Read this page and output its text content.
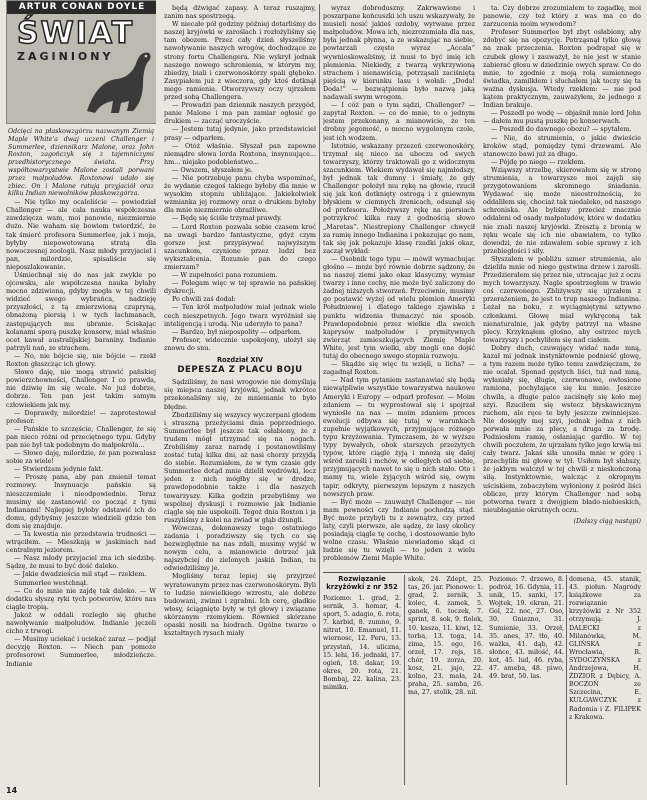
ARTUR CONAN DOYLE
ŚWIAT
ZAGINIONY
Odcięci na płaskowzgórzu nazwanym Ziemią Maple White'a dwaj uczeni Challenger i Summerlee, dziennikarz Malone, oraz John Roxton, zagończyk się z tajemniczymi przedhistorycznego świata. Przy współtowarzystwie Malone zostali porwani przez małpoludów. Roxtonowi udało się zbiec. On i Malone ratują przyjaciół oraz kilku Indian niewolników płaskowzgórza.

— Nie tylko my ocaleliście — powiedział Challenger — ale cała nauka współczesna zawdzięcza wam, moi panowie, niezmiernie dużo. Nie waham się bowiem twierdzić, że tak śmierć profesora Summerlee, jak i moja, byłyby niepowetowaną stratą dla nowoczesnej zoologii. Nasz młody przyjaciel i pan, milordzie, spisaliście się nieposzlakowanie.

Uśmiechnął się do nas jak zwykle po ojcowsku, ale współczesna nauka byłaby mocno zdziwiona, gdyby mogła w tej chwili widzieć swego wybrańca, nadzieję przyszłości, z tą zmierzwioną czupryną, obnażoną piersią i w tych łachmanach, zastępujących mu ubranie. Ściskając kolanami sporą puszkę konserw, miał właśnie ocet kawał australijskiej baraniny. Indianie patrzyli nań, ze strachem.

— No, nie bójcie się, nie bójcie — rzekł Roxton głaszcząc ich głowy.

Słowo daję, nie mogą strawić pańskiej powierzchowności, Challenger. I co prawda, nie dziwię im się wcale. No już dobrze, dobrze. Ten pan jest takim samym człowiekiem jak my.

— Doprawdy, milordzie! — zaprotestował profesor.

— Pańskie to szczęście, Challenger, że się pan nieco różni od przeciętnego typu. Gdyby pan nie był tak podobnym do małpokróla...

— Słowo daję, milordzie, że pan pozwalasz sobie za wiele!

— Stwierdzam jedynie fakt.

— Proszę pana, aby pan zmienił temat rozmowy. Insynuacje pańskie są nieszczemiałe i nieodpowiednie. Teraz musimy się zastanowić co począć z tymi Indianami! Najlepiej byłoby odstawić ich do domu, gdybyśmy jeszcze wiedzieli gdzie ten dom się znajduje.

— Ta kwestia nie przedstawia trudności — wtrąciłem. — Mieszkają w jaskiniach nad centralnym jeziorem.

— Nasz młody przyjaciel zna ich siedzibę. Sądzę, że musi to być dość daleko.

— Jakie dwadzieścia mil stąd — rzekłem.

Summerlee westchnął.

— Co do mnie nie zajdę tak daleko. — W dodatku słyszę ryki tych potworów, które nas ciągle tropią.

Jakoż w oddali rozległo się głuche nawoływanie małpoludów. Indianie jęczeli cicho z trwogi.

— Musimy uciekać i uciekać zaraz — podjął decyzję Roxton. — Niech pan pomoże profesorowi Summerlee, młodzieńcze. Indianie

będą dźwigać zapasy. A teraz ruszajmy, zanim nas spostrzegą.

W niecałe pół godziny później dotarliśmy do naszej kryjówki w zaroślach i rozłożyliśmy się tam obozem. Przez cały dzień słyszeliśmy nawoływanie naszych wrogów, dochodzące ze strony fortu Challengera. Nie wykrył jednak naszego nowego schronienia, w którym my, zbiedzy, biali i czerwonoskórzy spali głęboko. Zasypiałem już z wieczora, gdy ktoś dotknął mego ramienia. Otworzywszy oczy ujrzałem przed sobą Challengera.

— Prowadzi pan dziennik naszych przygód, panie Malone i ma pan zamiar ogłosić go drukiem — zacząć uroczyście.

— Jestem tutaj jedynie, jako przedstawiciel prasy — odparłem.

— Otóż właśnie. Słyszał pan zapewne niemądre słowa lorda Roxtona, insynuujące... hm... niejako podobieństwo...

— Owszem, słyszałem je.

— Nie potrzebuję panu chyba wspominać, że wydanie czegoś takiego byłoby dla mnie w wysokim stopniu ubliżające. Jakiekolwiek wzmianka jej rozmowy oraz o drukiem byłoby dla mnie niezmiernie obraźliwe.

— Będę się ściśle trzymał prawdy.

— Lord Roxton pozwala sobie czasem kroć na uwagi bardzo fantastyczne, gdyż czym gorsze jest przypisywać najwyższym szacunkom, czynione przez ludzi bez wykształcenia. Rozumie pan do czego zmierzam?

— W zupełności pana rozumiem.

— Polegam więc w tej sprawie na pańskiej dyskrecji.

Po chwili zaś dodał:

— Ten król małpoludów miał jednak wiele cech nieszpetnych. Jego twarz wyróżniał się inteligencją i urodą. Nie uderzyło to pana?

— Bardzo, był niepospolity — odparłem.

Profesor, widocznie uspokojony, ułożył się znowu do snu.

Rozdział XIV
DEPESZA Z PLACU BOJU

Sądziliśmy, że nasi wrogowie nie domyślają się miejsca naszej kryjówki, jednak wkrótce przekonaliśmy się, że mniemanie to było błędne.

Zbudziliśmy się wszyscy wyczerpani głodem i straszną przeżyciami dnia poprzedniego. Summerlee był jeszcze tak osłabiony, że z trudem mógł utrzymać się na nogach. Zrobiliśmy zaraz naradę i postanowiliśmy zostać tutaj kilka dni, aż nasi chorzy przyjdą do siebie. Rozumiałem, że w tym czasie gdy Summerlee dotąd mnie dzielił wędrówki, lecz jeden z nich mógłby się w drodze, prawdopodobnie także i dla naszych towarzyszy. Kilka godzin przebyliśmy we wspólnej dyskusji i rozmowie jak Indianie ciągle się nie uspokoili. Tegoż dnia Roxton i ja ruszyliśmy z kolei na zwiad w głąb dżungli.

Wówczas, dokonawszy tego ostatniego zadania i poradziwszy się tych co się bezwzględnie na nas zdali, musimy wyjść w nowym celu, a mianowicie dotrzeć jak najszybciej do zielonych jaskiń Indian, tu odwiedziliśmy je.

Mogliśmy teraz lepiej się przyjrzeć wyratowanym przez nas czerwonoskórym. Byli to ludzie niewielkiego wzrostu, ale dobrze budowani, zwinni i zgrabni. Ich cerę, gładkie włosy, ściągnięte były w tył głowy i związane skórzanym rzemykiem. Również skórzane opaski nosili na biodrach. Ogólne twarze o kształtnych rysach miały

wyraz dobroduszny. Zakrwawione i poszarpane końcuszki ich uszu wskazywały, że musieli nosić jakieś ozdoby, wyrwane przez małpoludów. Mowa ich, niezrozumiała dla nas, była jednak płynna, a ze wskazując na siebie, powtarzali często wyraz „Accala” wywnioskowaliśmy, iż musi to być imię ich plemienia. Niekiedy, z twarzą wykrzywioną strachem i nienawiścią, potrząsali zaciśniętą pięścią w kierunku lasu i wołali: „Doda! Doda!” — bezwątpienia było nazwą jaką nadawali swym wrogom.

— I cóż pan o tym sądzi, Challenger? — zapytał Roxton. — co do mnie, to o jednym jestem przekonany, a mianowicie, że ten drobny jegomość, o mocno wygolonym czole, jest ich wodzem.

Istotnie, wskazany przezeń czerwonoskóry, trzymał się nieco na uboczu od swych towarzyszy, którzy traktowali go z widocznym szacunkiem. Wiekiem wydawał się najmłodszy, był jednak tak dumny i śmiały, że gdy Challenger położył mu rękę na głowie, rzucił się jak koń dotknięty ostrogą i z gniewnym błyskiem w ciemnych źrenicach, odsunął się od profesora. Położywszy rękę na piersiach potrzykroć kilka razy z godnością słowo „Maretas”. Niestropiony Challenger chwycił za ramię innego Indianina i pokazując go nam, tak się jak pokazuje klasę rzadki jakiś okaz, zaczął wykład:

— Osobnik tego typu — mówił wymachując głośno — może być równie dobrze sądzony, że na naszej ziemi jako okaz klasyczny, wymiar twarzy i inne cechy, nie może być zaliczony do żadnej niższych stworzeń. Przeciwnie, musimy go postawić wyżej od wielu plemion Ameryki Południowej i dlatego takiego zjawiska z punktu widzenia tłumaczyć nie sposób. Prawdopodobnie przez wielkie dla swoich kaprysów małpoludów i prymitywnych zwierząt zamieszkujących Ziemię Maple White, jest tym wielki, aby mogli one dojść tutaj do obecnego swego stopnia rozwoju.

— Skądże się więc tu wzięli, u licha? — zagadnął Roxton.

— Nad tym pytaniem zastanawiać się będą niewątpliwie wszystkie towarzystwa naukowe Ameryki i Europy — odparł profesor. — Moim zdaniem — tu wyprostował się i spojrzał wyniośle na nas — moim zdaniem proces ewolucji odbywa się tutaj w warunkach zupełnie wyjątkowych, przyjmujące różnego typu krzyżowania. Tymczasem, że w wyższe typy bywałych, obok starszych przeżytych typów, które ciągle żyją i mnożą się dalej wśród zarośli i mchów, w odległych od siebie, przyjmujących nawet to się u nich stało. Oto i mamy tu, wiele żyjących wśród się, owym tapir, odkryty, pierwszym lepszym z naszych nowszych praw.

— Być może — zauważył Challenger — nie mam pewności czy Indianie pochodzą stąd. Być może przybyli tu z zewnątrz, czy przed laty, czyli pierwsze, ale sądzę, że lasy okolicy posiadają ciągle tę cechę, i dostosowanie było wolne czasu. Właśnie niewiadomo skąd ci ludzie się tu wzięli — to jeden z wielu problemów Ziemi Maple White.

ta. Czy dobrze zrozumiałem to zagadkę, moi panowie, czy też który z was ma co do zarzucenia moim wywodom?

Profesor Summerlee był zbyt osłabiony, aby zdobyć się na opozycję. Potrząsnął tylko głową na znak przeczenia. Roxton podrapał się w czubek głowy i zauważył, że nie jest w stanie zabierać głosu w dziedzinie owych spraw. Co do mnie, to zgodnie z moją rolą sumiennego świadka, zamilkłem i słuchałem jak toczy się ta ważna dyskusja. Wtedy rzekłem: — nie pod kątem praktycznym, zauważyłem, że jednego z Indian brakuje.

— Poszedł po wodę — objaśnił mnie lord John — dałem mu pustą puszkę po konserwach.

— Poszedł do dawnego obozu? — spytałem.

— Nie, do strumienia, o jakie dwieście kroków stąd, pomiędzy tymi drzewami. Ale stanowczo bawi już za długo.

— Pójdę po niego — rzekłem.

Wziąwszy strzelbę, skierowałem się w stronę strumienia, a towarzysze moi zajęli się przygotowaniem skromnego śniadania. Wydawać się może nieostrożnością, że oddaliłem się, chociaż tak niedaleko, od naszego schroniska. Ale byliśmy przecież znacznie oddaleni od osady małpoludów, które w dodatku nie znali naszej kryjówki. Zresztą z bronią w ręku wcale się ich nie obawiałem, co tylko dowodzi, że nie zdawałem sobie sprawy z ich przebiegłości i siły.

Słyszałem w pobliżu szmer strumienia, ale dzieliła mnie od niego gęstwina drzew i zarośli. Przedzierałem się przez nie, utracając już z oczu mych towarzyszy. Nagle spostrzegłem w trawie coś czerwonego. Zbliżywszy się ujrzałem z przerażeniem, że jest to trup naszego Indianina. Leżał na boku, z wyciągniętymi sztywno członkami. Głowę miał wykręconą tak nienaturalnie, jak gdyby patrzył na własne plecy. Krzyknąłem głośno, aby ostrzec mych towarzyszy i pochyliłem się nad ciałem.

Dobry duch, czuwający widać nade mną, kazał mi jednak instynktownie podnieść głowę, a tym razem może tylko temu zawdzięczam, że nie ocalał. Sponad gęstych liści, tuż nad mną, wyłaniały się, długie, czerwonawe, owłosione ramiona, pochylające się ku mnie. Jeszcze chwila, a długie palce zaciśnęły się koło mej szyi. Rzuciłem się wstecz błyskawicznym ruchem, ale ręce te były jeszcze zwinniejsze. Nie dosięgły mej szyi, jednak jedna z nich porwała mnie za plecy, a druga za brodę. Podniosłem ramię, osłaniając gardło. W tej chwili poczułem, że ujrzałam tylko jego krwią mi cały twarz. Jakaś siła unosiła mnie w górę i przechyliła mi głowę w tył. Usiłem był słabszy, że jakbym walczył w tej chwili z nieskończoną siłą. Instynktownie, walcząc z okropnym uściskiem, zobaczyłem wyłoniony z pośród liści oblicze, przy którym Challenger nad sobą potworna twarz z dwojgiem błado-niebieskich, nieubłaganie okrutnych oczu.

(Dalszy ciąg nastąpi)
Rozwiązanie krzyżówki z nr 352

Poziomo: 1. grad, 2. sernik, 3. homar, 4. sport, 5. adagio, 6. rota, 7. karbid, 8. zumno, 9. nitrat, 10. Emanuel, 11. wiernosc, 12. Peru, 13. przystań, 14. uliczna, 15. lehi, 16. jednaki, 17. ogień, 18. dakar, 19. okres, 20. rota, 21. Bombaj, 22. kalina, 23. mimika.

skok, 24. Zdept, 25. tas, 26. jar. Pionowo: 1. grad, 2. zernik, 3. kolec, 4. zamek, 5. ganek, 6. toczek, 7. sprint, 8. sok, 9. fiolek, 10. kasza, 11. kiwi, 12. torba, 13. toga, 14. zima, 15. ego, 16. orzeł, 17. rejs, 18. chór, 19. zorza, 20. kosz, 21. jajo, 22. kolno, 23. mała, 24. praha, 25. samba, 26. ma, 27. stolik, 28. nil.

Poziomo: 7. drzewo, 8. podróż, 16. Gdynia, 11. unik, 15. sanki, 17. Wojtek, 19. ekran, 21. Gol, 22. noc, 27. Oso, 30. Gniezno, 31. Sumienie, 33. Orzeł, 35. anes, 37. tło, 40. ważka, 41. dąb, 42. słońce, 43. miłość, 44. kot, 45. lud, 46. ryba, 47. ameba, 48. piwo, 49. brat, 50. las.

domena, 45. stanik, 43. piołun. Nagrody książkowe za rozwiązanie krzyżówki z Nr 352 otrzymują: J. DALECKI z Milanówka, M. GLIŃSKA z Wrocławia, R. SYDOCZYŃSKA z Andrzejowa, H. ŻDZIOR z Dębicy, A. BOCZOŃ ze Szczecina, E. KULGAWCZYK z Radomia i Z. FILIPEK z Krakowa.

14
